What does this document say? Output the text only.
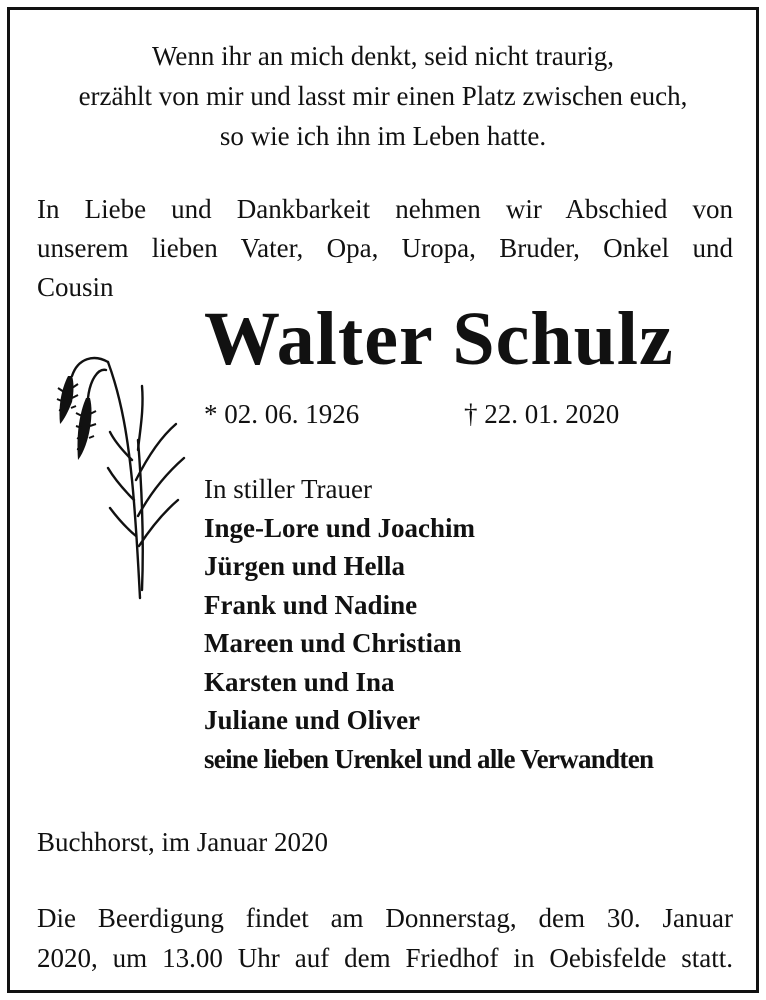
Wenn ihr an mich denkt, seid nicht traurig,
erzählt von mir und lasst mir einen Platz zwischen euch,
so wie ich ihn im Leben hatte.
In Liebe und Dankbarkeit nehmen wir Abschied von
unserem lieben Vater, Opa, Uropa, Bruder, Onkel und
Cousin
Walter Schulz
* 02. 06. 1926	† 22. 01. 2020
In stiller Trauer
Inge-Lore und Joachim
Jürgen und Hella
Frank und Nadine
Mareen und Christian
Karsten und Ina
Juliane und Oliver
seine lieben Urenkel und alle Verwandten
Buchhorst, im Januar 2020
Die Beerdigung findet am Donnerstag, dem 30. Januar
2020, um 13.00 Uhr auf dem Friedhof in Oebisfelde statt.
